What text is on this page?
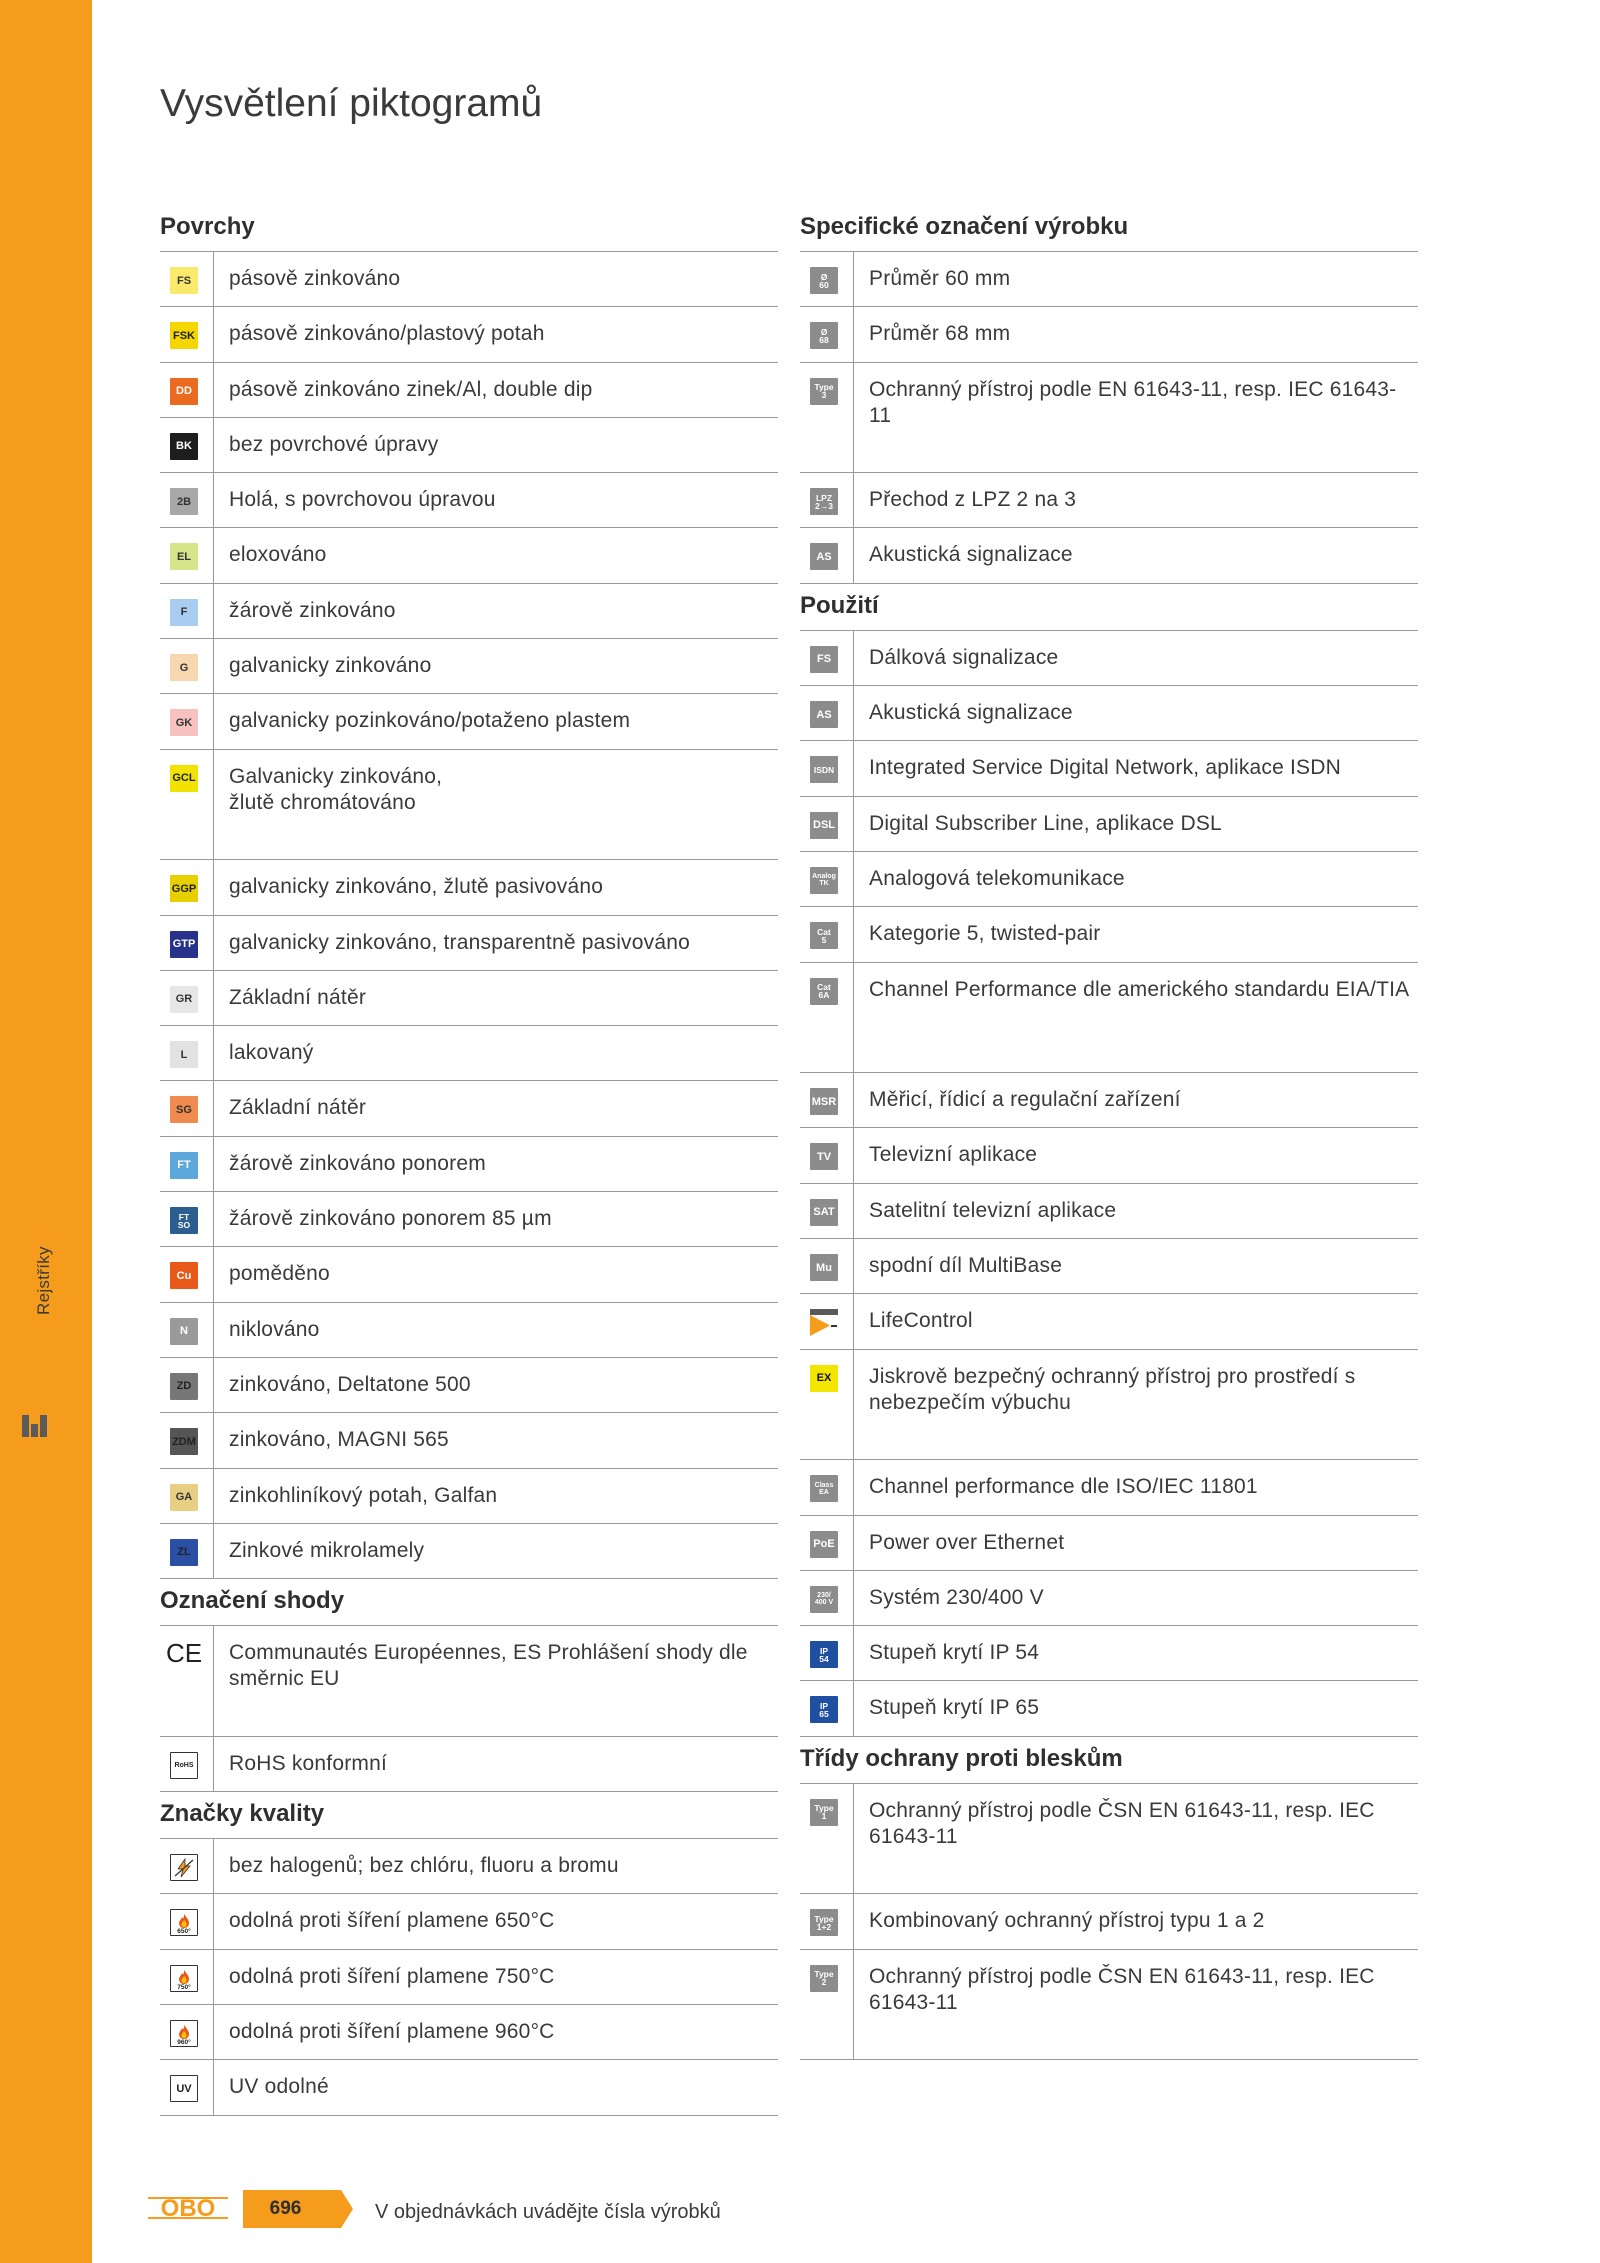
Rejstříky
Vysvětlení piktogramů
Povrchy
FS	pásově zinkováno
FSK	pásově zinkováno/plastový potah
DD	pásově zinkováno zinek/Al, double dip
BK	bez povrchové úpravy
2B	Holá, s povrchovou úpravou
EL	eloxováno
F	žárově zinkováno
G	galvanicky zinkováno
GK	galvanicky pozinkováno/potaženo plastem
GCL	Galvanicky zinkováno,
žlutě chromátováno
GGP	galvanicky zinkováno, žlutě pasivováno
GTP	galvanicky zinkováno, transparentně pasivováno
GR	Základní nátěr
L	lakovaný
SG	Základní nátěr
FT	žárově zinkováno ponorem
FT
SO	žárově zinkováno ponorem 85 µm
Cu	poměděno
N	niklováno
ZD	zinkováno, Deltatone 500
ZDM	zinkováno, MAGNI 565
GA	zinkohliníkový potah, Galfan
ZL	Zinkové mikrolamely
Označení shody
CE	Communautés Européennes, ES Prohlášení shody dle směrnic EU
RoHS	RoHS konformní
Značky kvality
bez halogenů; bez chlóru, fluoru a bromu
650°	odolná proti šíření plamene 650°C
750°	odolná proti šíření plamene 750°C
960°	odolná proti šíření plamene 960°C
UV	UV odolné
Specifické označení výrobku
Ø
60	Průměr 60 mm
Ø
68	Průměr 68 mm
Type
3	Ochranný přístroj podle EN 61643-11, resp. IEC 61643-11
LPZ
2→3	Přechod z LPZ 2 na 3
AS	Akustická signalizace
Použití
FS	Dálková signalizace
AS	Akustická signalizace
ISDN	Integrated Service Digital Network, aplikace ISDN
DSL	Digital Subscriber Line, aplikace DSL
Analog
TK	Analogová telekomunikace
Cat
5	Kategorie 5, twisted-pair
Cat
6A	Channel Performance dle amerického standardu EIA/TIA
MSR	Měřicí, řídicí a regulační zařízení
TV	Televizní aplikace
SAT	Satelitní televizní aplikace
Mu	spodní díl MultiBase
LifeControl
EX	Jiskrově bezpečný ochranný přístroj pro prostředí s nebezpečím výbuchu
Class
EA	Channel performance dle ISO/IEC 11801
PoE	Power over Ethernet
230/
400 V	Systém 230/400 V
IP
54	Stupeň krytí IP 54
IP
65	Stupeň krytí IP 65
Třídy ochrany proti bleskům
Type
1	Ochranný přístroj podle ČSN EN 61643-11, resp. IEC 61643-11
Type
1+2	Kombinovaný ochranný přístroj typu 1 a 2
Type
2	Ochranný přístroj podle ČSN EN 61643-11, resp. IEC 61643-11
OBO	696	V objednávkách uvádějte čísla výrobků
